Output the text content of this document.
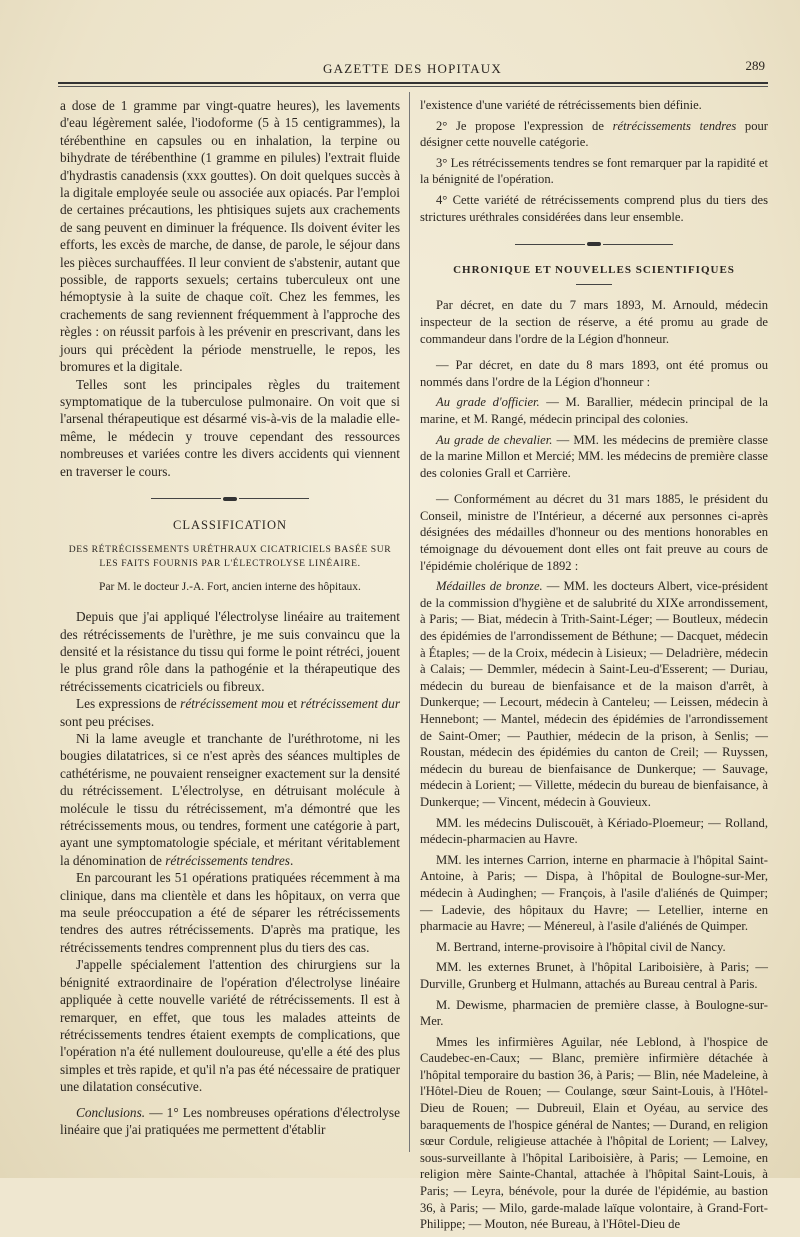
GAZETTE DES HOPITAUX	289

a dose de 1 gramme par vingt-quatre heures), les lavements d'eau légèrement salée, l'iodoforme (5 à 15 centigrammes), la térébenthine en capsules ou en inhalation, la terpine ou bihydrate de térébenthine (1 gramme en pilules) l'extrait fluide d'hydrastis canadensis (xxx gouttes). On doit quelques succès à la digitale employée seule ou associée aux opiacés. Par l'emploi de certaines précautions, les phtisiques sujets aux crachements de sang peuvent en diminuer la fréquence. Ils doivent éviter les efforts, les excès de marche, de danse, de parole, le séjour dans les pièces surchauffées. Il leur convient de s'abstenir, autant que possible, de rapports sexuels; certains tuberculeux ont une hémoptysie à la suite de chaque coït. Chez les femmes, les crachements de sang reviennent fréquemment à l'approche des règles : on réussit parfois à les prévenir en prescrivant, dans les jours qui précèdent la période menstruelle, le repos, les bromures et la digitale.

Telles sont les principales règles du traitement symptomatique de la tuberculose pulmonaire. On voit que si l'arsenal thérapeutique est désarmé vis-à-vis de la maladie elle-même, le médecin y trouve cependant des ressources nombreuses et variées contre les divers accidents qui viennent en traverser le cours.

CLASSIFICATION
DES RÉTRÉCISSEMENTS URÉTHRAUX CICATRICIELS BASÉE SUR LES FAITS FOURNIS PAR L'ÉLECTROLYSE LINÉAIRE.
Par M. le docteur J.-A. Fort, ancien interne des hôpitaux.

Depuis que j'ai appliqué l'électrolyse linéaire au traitement des rétrécissements de l'urèthre, je me suis convaincu que la densité et la résistance du tissu qui forme le point rétréci, jouent le plus grand rôle dans la pathogénie et la thérapeutique des rétrécissements cicatriciels ou fibreux.

Les expressions de rétrécissement mou et rétrécissement dur sont peu précises.

Ni la lame aveugle et tranchante de l'uréthrotome, ni les bougies dilatatrices, si ce n'est après des séances multiples de cathétérisme, ne pouvaient renseigner exactement sur la densité du rétrécissement. L'électrolyse, en détruisant molécule à molécule le tissu du rétrécissement, m'a démontré que les rétrécissements mous, ou tendres, forment une catégorie à part, ayant une symptomatologie spéciale, et méritant véritablement la dénomination de rétrécissements tendres.

En parcourant les 51 opérations pratiquées récemment à ma clinique, dans ma clientèle et dans les hôpitaux, on verra que ma seule préoccupation a été de séparer les rétrécissements tendres des autres rétrécissements. D'après ma pratique, les rétrécissements tendres comprennent plus du tiers des cas.

J'appelle spécialement l'attention des chirurgiens sur la bénignité extraordinaire de l'opération d'électrolyse linéaire appliquée à cette nouvelle variété de rétrécissements. Il est à remarquer, en effet, que tous les malades atteints de rétrécissements tendres étaient exempts de complications, que l'opération n'a été nullement douloureuse, qu'elle a été des plus simples et très rapide, et qu'il n'a pas été nécessaire de pratiquer une dilatation consécutive.

Conclusions. — 1° Les nombreuses opérations d'électrolyse linéaire que j'ai pratiquées me permettent d'établir

l'existence d'une variété de rétrécissements bien définie.

2° Je propose l'expression de rétrécissements tendres pour désigner cette nouvelle catégorie.

3° Les rétrécissements tendres se font remarquer par la rapidité et la bénignité de l'opération.

4° Cette variété de rétrécissements comprend plus du tiers des strictures uréthrales considérées dans leur ensemble.

CHRONIQUE ET NOUVELLES SCIENTIFIQUES

Par décret, en date du 7 mars 1893, M. Arnould, médecin inspecteur de la section de réserve, a été promu au grade de commandeur dans l'ordre de la Légion d'honneur.

— Par décret, en date du 8 mars 1893, ont été promus ou nommés dans l'ordre de la Légion d'honneur :

Au grade d'officier. — M. Barallier, médecin principal de la marine, et M. Rangé, médecin principal des colonies.

Au grade de chevalier. — MM. les médecins de première classe de la marine Millon et Mercié; MM. les médecins de première classe des colonies Grall et Carrière.

— Conformément au décret du 31 mars 1885, le président du Conseil, ministre de l'Intérieur, a décerné aux personnes ci-après désignées des médailles d'honneur ou des mentions honorables en témoignage du dévouement dont elles ont fait preuve au cours de l'épidémie cholérique de 1892 :

Médailles de bronze. — MM. les docteurs Albert, vice-président de la commission d'hygiène et de salubrité du XIXe arrondissement, à Paris; — Biat, médecin à Trith-Saint-Léger; — Boutleux, médecin des épidémies de l'arrondissement de Béthune; — Dacquet, médecin à Étaples; — de la Croix, médecin à Lisieux; — Deladrière, médecin à Calais; — Demmler, médecin à Saint-Leu-d'Esserent; — Duriau, médecin du bureau de bienfaisance et de la maison d'arrêt, à Dunkerque; — Lecourt, médecin à Canteleu; — Leissen, médecin à Hennebont; — Mantel, médecin des épidémies de l'arrondissement de Saint-Omer; — Pauthier, médecin de la prison, à Senlis; — Roustan, médecin des épidémies du canton de Creil; — Ruyssen, médecin du bureau de bienfaisance de Dunkerque; — Sauvage, médecin à Lorient; — Villette, médecin du bureau de bienfaisance, à Dunkerque; — Vincent, médecin à Gouvieux.

MM. les médecins Duliscouët, à Kériado-Ploemeur; — Rolland, médecin-pharmacien au Havre.

MM. les internes Carrion, interne en pharmacie à l'hôpital Saint-Antoine, à Paris; — Dispa, à l'hôpital de Boulogne-sur-Mer, médecin à Audinghen; — François, à l'asile d'aliénés de Quimper; — Ladevie, des hôpitaux du Havre; — Letellier, interne en pharmacie au Havre; — Ménereul, à l'asile d'aliénés de Quimper.

M. Bertrand, interne-provisoire à l'hôpital civil de Nancy.

MM. les externes Brunet, à l'hôpital Lariboisière, à Paris; — Durville, Grunberg et Hulmann, attachés au Bureau central à Paris.

M. Dewisme, pharmacien de première classe, à Boulogne-sur-Mer.

Mmes les infirmières Aguilar, née Leblond, à l'hospice de Caudebec-en-Caux; — Blanc, première infirmière détachée à l'hôpital temporaire du bastion 36, à Paris; — Blin, née Madeleine, à l'Hôtel-Dieu de Rouen; — Coulange, sœur Saint-Louis, à l'Hôtel-Dieu de Rouen; — Dubreuil, Elain et Oyéau, au service des baraquements de l'hospice général de Nantes; — Durand, en religion sœur Cordule, religieuse attachée à l'hôpital de Lorient; — Lalvey, sous-surveillante à l'hôpital Lariboisière, à Paris; — Lemoine, en religion mère Sainte-Chantal, attachée à l'hôpital Saint-Louis, à Paris; — Leyra, bénévole, pour la durée de l'épidémie, au bastion 36, à Paris; — Milo, garde-malade laïque volontaire, à Grand-Fort-Philippe; — Mouton, née Bureau, à l'Hôtel-Dieu de
